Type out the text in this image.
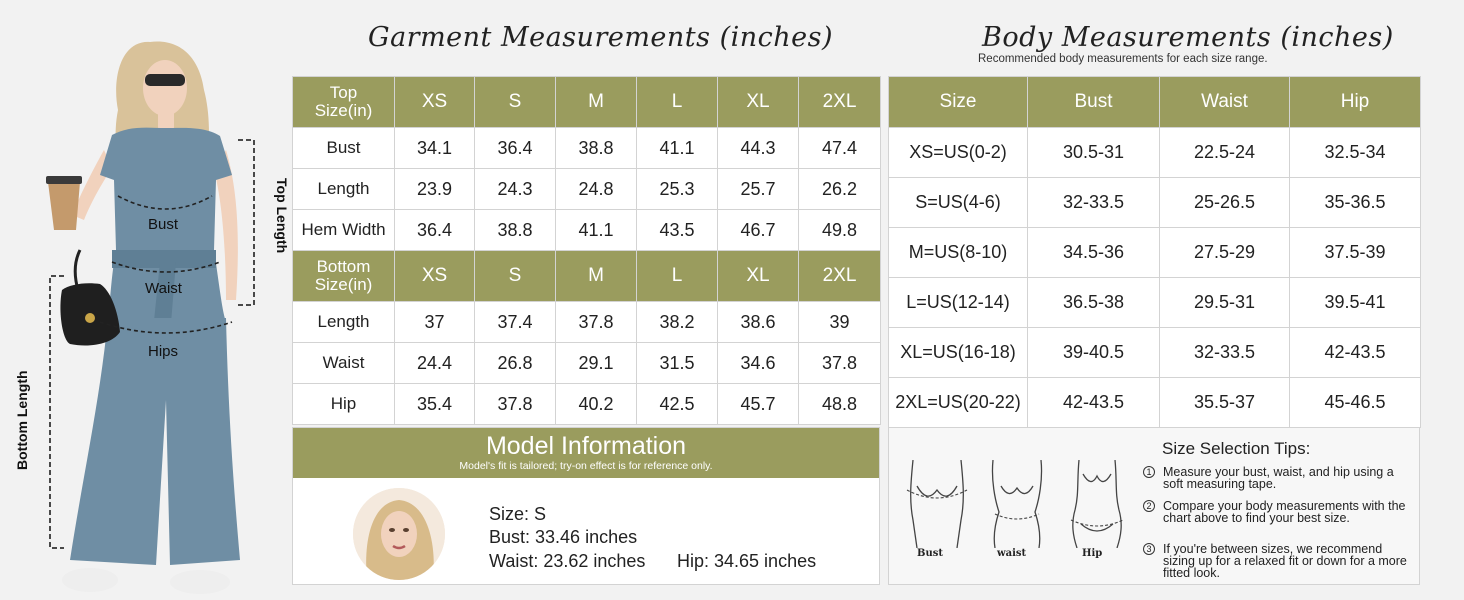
Bust
Waist
Hips
Top Length
Bottom Length
Garment Measurements (inches)	Body Measurements (inches)
Recommended body measurements for each size range.
Top
Size(in)	XS	S	M	L	XL	2XL
Bust	34.1	36.4	38.8	41.1	44.3	47.4
Length	23.9	24.3	24.8	25.3	25.7	26.2
Hem Width	36.4	38.8	41.1	43.5	46.7	49.8
Bottom
Size(in)	XS	S	M	L	XL	2XL
Length	37	37.4	37.8	38.2	38.6	39
Waist	24.4	26.8	29.1	31.5	34.6	37.8
Hip	35.4	37.8	40.2	42.5	45.7	48.8
Model Information
Model's fit is tailored; try-on effect is for reference only.
Size: S
Bust: 33.46 inches
Waist: 23.62 inches Hip: 34.65 inches
Size	Bust	Waist	Hip
XS=US(0-2)	30.5-31	22.5-24	32.5-34
S=US(4-6)	32-33.5	25-26.5	35-36.5
M=US(8-10)	34.5-36	27.5-29	37.5-39
L=US(12-14)	36.5-38	29.5-31	39.5-41
XL=US(16-18)	39-40.5	32-33.5	42-43.5
2XL=US(20-22)	42-43.5	35.5-37	45-46.5
Bust	waist	Hip
Size Selection Tips:
1 Measure your bust, waist, and hip using a soft measuring tape.
2 Compare your body measurements with the chart above to find your best size.
3 If you're between sizes, we recommend sizing up for a relaxed fit or down for a more fitted look.
